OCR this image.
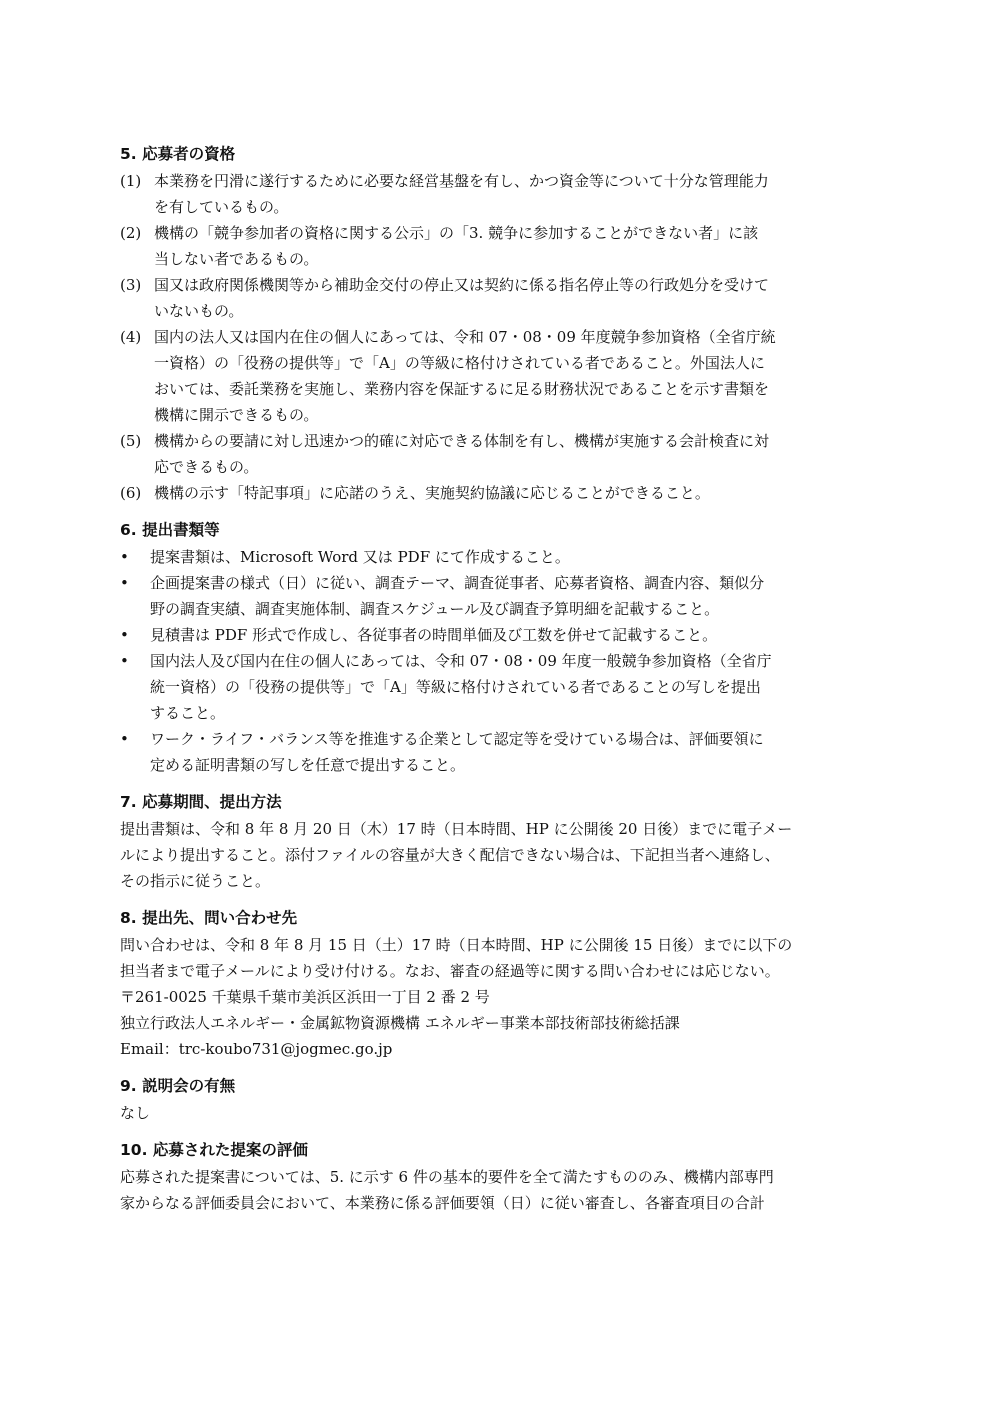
5. 応募者の資格

(1) 本業務を円滑に遂行するために必要な経営基盤を有し、かつ資金等について十分な管理能力
を有しているもの。
(2) 機構の「競争参加者の資格に関する公示」の「3. 競争に参加することができない者」に該
当しない者であるもの。
(3) 国又は政府関係機関等から補助金交付の停止又は契約に係る指名停止等の行政処分を受けて
いないもの。
(4) 国内の法人又は国内在住の個人にあっては、令和 07・08・09 年度競争参加資格（全省庁統
一資格）の「役務の提供等」で「A」の等級に格付けされている者であること。外国法人に
おいては、委託業務を実施し、業務内容を保証するに足る財務状況であることを示す書類を
機構に開示できるもの。
(5) 機構からの要請に対し迅速かつ的確に対応できる体制を有し、機構が実施する会計検査に対
応できるもの。
(6) 機構の示す「特記事項」に応諾のうえ、実施契約協議に応じることができること。

6. 提出書類等

•	提案書類は、Microsoft Word 又は PDF にて作成すること。
•	企画提案書の様式（日）に従い、調査テーマ、調査従事者、応募者資格、調査内容、類似分
野の調査実績、調査実施体制、調査スケジュール及び調査予算明細を記載すること。
•	見積書は PDF 形式で作成し、各従事者の時間単価及び工数を併せて記載すること。
•	国内法人及び国内在住の個人にあっては、令和 07・08・09 年度一般競争参加資格（全省庁
統一資格）の「役務の提供等」で「A」等級に格付けされている者であることの写しを提出
すること。
•	ワーク・ライフ・バランス等を推進する企業として認定等を受けている場合は、評価要領に
定める証明書類の写しを任意で提出すること。

7. 応募期間、提出方法

提出書類は、令和 8 年 8 月 20 日（木）17 時（日本時間、HP に公開後 20 日後）までに電子メー
ルにより提出すること。添付ファイルの容量が大きく配信できない場合は、下記担当者へ連絡し、
その指示に従うこと。

8. 提出先、問い合わせ先

問い合わせは、令和 8 年 8 月 15 日（土）17 時（日本時間、HP に公開後 15 日後）までに以下の
担当者まで電子メールにより受け付ける。なお、審査の経過等に関する問い合わせには応じない。
〒261-0025 千葉県千葉市美浜区浜田一丁目 2 番 2 号
独立行政法人エネルギー・金属鉱物資源機構 エネルギー事業本部技術部技術総括課
Email：trc-koubo731@jogmec.go.jp

9. 説明会の有無

なし

10. 応募された提案の評価

応募された提案書については、5. に示す 6 件の基本的要件を全て満たすもののみ、機構内部専門
家からなる評価委員会において、本業務に係る評価要領（日）に従い審査し、各審査項目の合計
